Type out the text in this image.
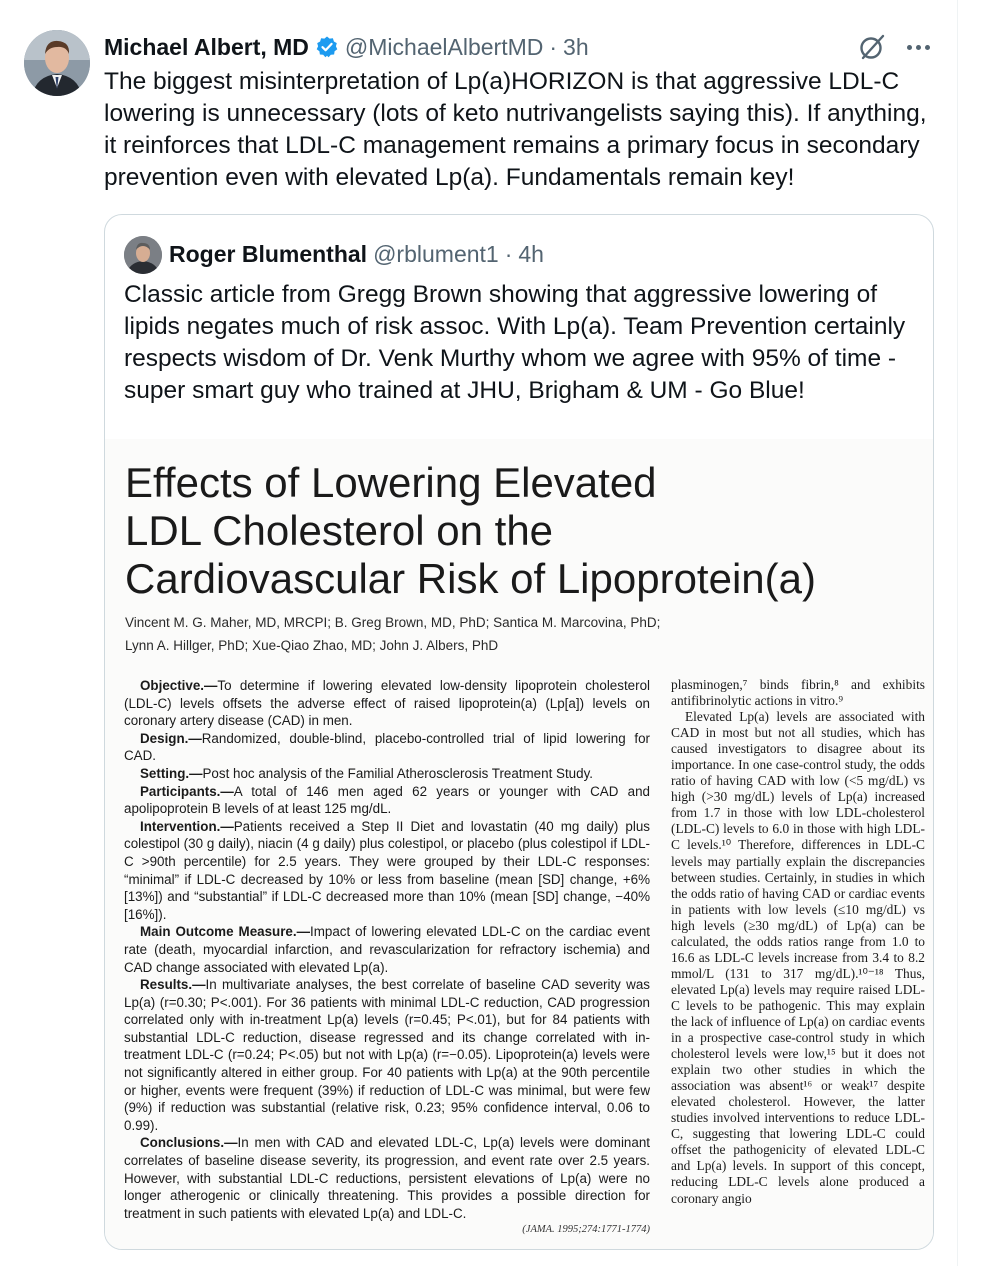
Michael Albert, MD @MichaelAlbertMD · 3h
The biggest misinterpretation of Lp(a)HORIZON is that aggressive LDL-C lowering is unnecessary (lots of keto nutrivangelists saying this). If anything, it reinforces that LDL-C management remains a primary focus in secondary prevention even with elevated Lp(a). Fundamentals remain key!
Roger Blumenthal @rblument1 · 4h
Classic article from Gregg Brown showing that aggressive lowering of lipids negates much of risk assoc. With Lp(a). Team Prevention certainly respects wisdom of Dr. Venk Murthy whom we agree with 95% of time - super smart guy who trained at JHU, Brigham & UM - Go Blue!
Effects of Lowering Elevated
LDL Cholesterol on the
Cardiovascular Risk of Lipoprotein(a)
Vincent M. G. Maher, MD, MRCPI; B. Greg Brown, MD, PhD; Santica M. Marcovina, PhD;
Lynn A. Hillger, PhD; Xue-Qiao Zhao, MD; John J. Albers, PhD

Objective.—To determine if lowering elevated low-density lipoprotein cholesterol (LDL-C) levels offsets the adverse effect of raised lipoprotein(a) (Lp[a]) levels on coronary artery disease (CAD) in men.

Design.—Randomized, double-blind, placebo-controlled trial of lipid lowering for CAD.

Setting.—Post hoc analysis of the Familial Atherosclerosis Treatment Study.

Participants.—A total of 146 men aged 62 years or younger with CAD and apolipoprotein B levels of at least 125 mg/dL.

Intervention.—Patients received a Step II Diet and lovastatin (40 mg daily) plus colestipol (30 g daily), niacin (4 g daily) plus colestipol, or placebo (plus colestipol if LDL-C >90th percentile) for 2.5 years. They were grouped by their LDL-C responses: “minimal” if LDL-C decreased by 10% or less from baseline (mean [SD] change, +6% [13%]) and “substantial” if LDL-C decreased more than 10% (mean [SD] change, −40% [16%]).

Main Outcome Measure.—Impact of lowering elevated LDL-C on the cardiac event rate (death, myocardial infarction, and revascularization for refractory ischemia) and CAD change associated with elevated Lp(a).

Results.—In multivariate analyses, the best correlate of baseline CAD severity was Lp(a) (r=0.30; P<.001). For 36 patients with minimal LDL-C reduction, CAD progression correlated only with in-treatment Lp(a) levels (r=0.45; P<.01), but for 84 patients with substantial LDL-C reduction, disease regressed and its change correlated with in-treatment LDL-C (r=0.24; P<.05) but not with Lp(a) (r=−0.05). Lipoprotein(a) levels were not significantly altered in either group. For 40 patients with Lp(a) at the 90th percentile or higher, events were frequent (39%) if reduction of LDL-C was minimal, but were few (9%) if reduction was substantial (relative risk, 0.23; 95% confidence interval, 0.06 to 0.99).

Conclusions.—In men with CAD and elevated LDL-C, Lp(a) levels were dominant correlates of baseline disease severity, its progression, and event rate over 2.5 years. However, with substantial LDL-C reductions, persistent elevations of Lp(a) were no longer atherogenic or clinically threatening. This provides a possible direction for treatment in such patients with elevated Lp(a) and LDL-C.

(JAMA. 1995;274:1771-1774)

plasminogen,⁷ binds fibrin,⁸ and exhibits antifibrinolytic actions in vitro.⁹

Elevated Lp(a) levels are associated with CAD in most but not all studies, which has caused investigators to disagree about its importance. In one case-control study, the odds ratio of having CAD with low (<5 mg/dL) vs high (>30 mg/dL) levels of Lp(a) increased from 1.7 in those with low LDL-cholesterol (LDL-C) levels to 6.0 in those with high LDL-C levels.¹⁰ Therefore, differences in LDL-C levels may partially explain the discrepancies between studies. Certainly, in studies in which the odds ratio of having CAD or cardiac events in patients with low levels (≤10 mg/dL) vs high levels (≥30 mg/dL) of Lp(a) can be calculated, the odds ratios range from 1.0 to 16.6 as LDL-C levels increase from 3.4 to 8.2 mmol/L (131 to 317 mg/dL).¹⁰⁻¹⁸ Thus, elevated Lp(a) levels may require raised LDL-C levels to be pathogenic. This may explain the lack of influence of Lp(a) on cardiac events in a prospective case-control study in which cholesterol levels were low,¹⁵ but it does not explain two other studies in which the association was absent¹⁶ or weak¹⁷ despite elevated cholesterol. However, the latter studies involved interventions to reduce LDL-C, suggesting that lowering LDL-C could offset the pathogenicity of elevated LDL-C and Lp(a) levels. In support of this concept, reducing LDL-C levels alone produced a coronary angio
